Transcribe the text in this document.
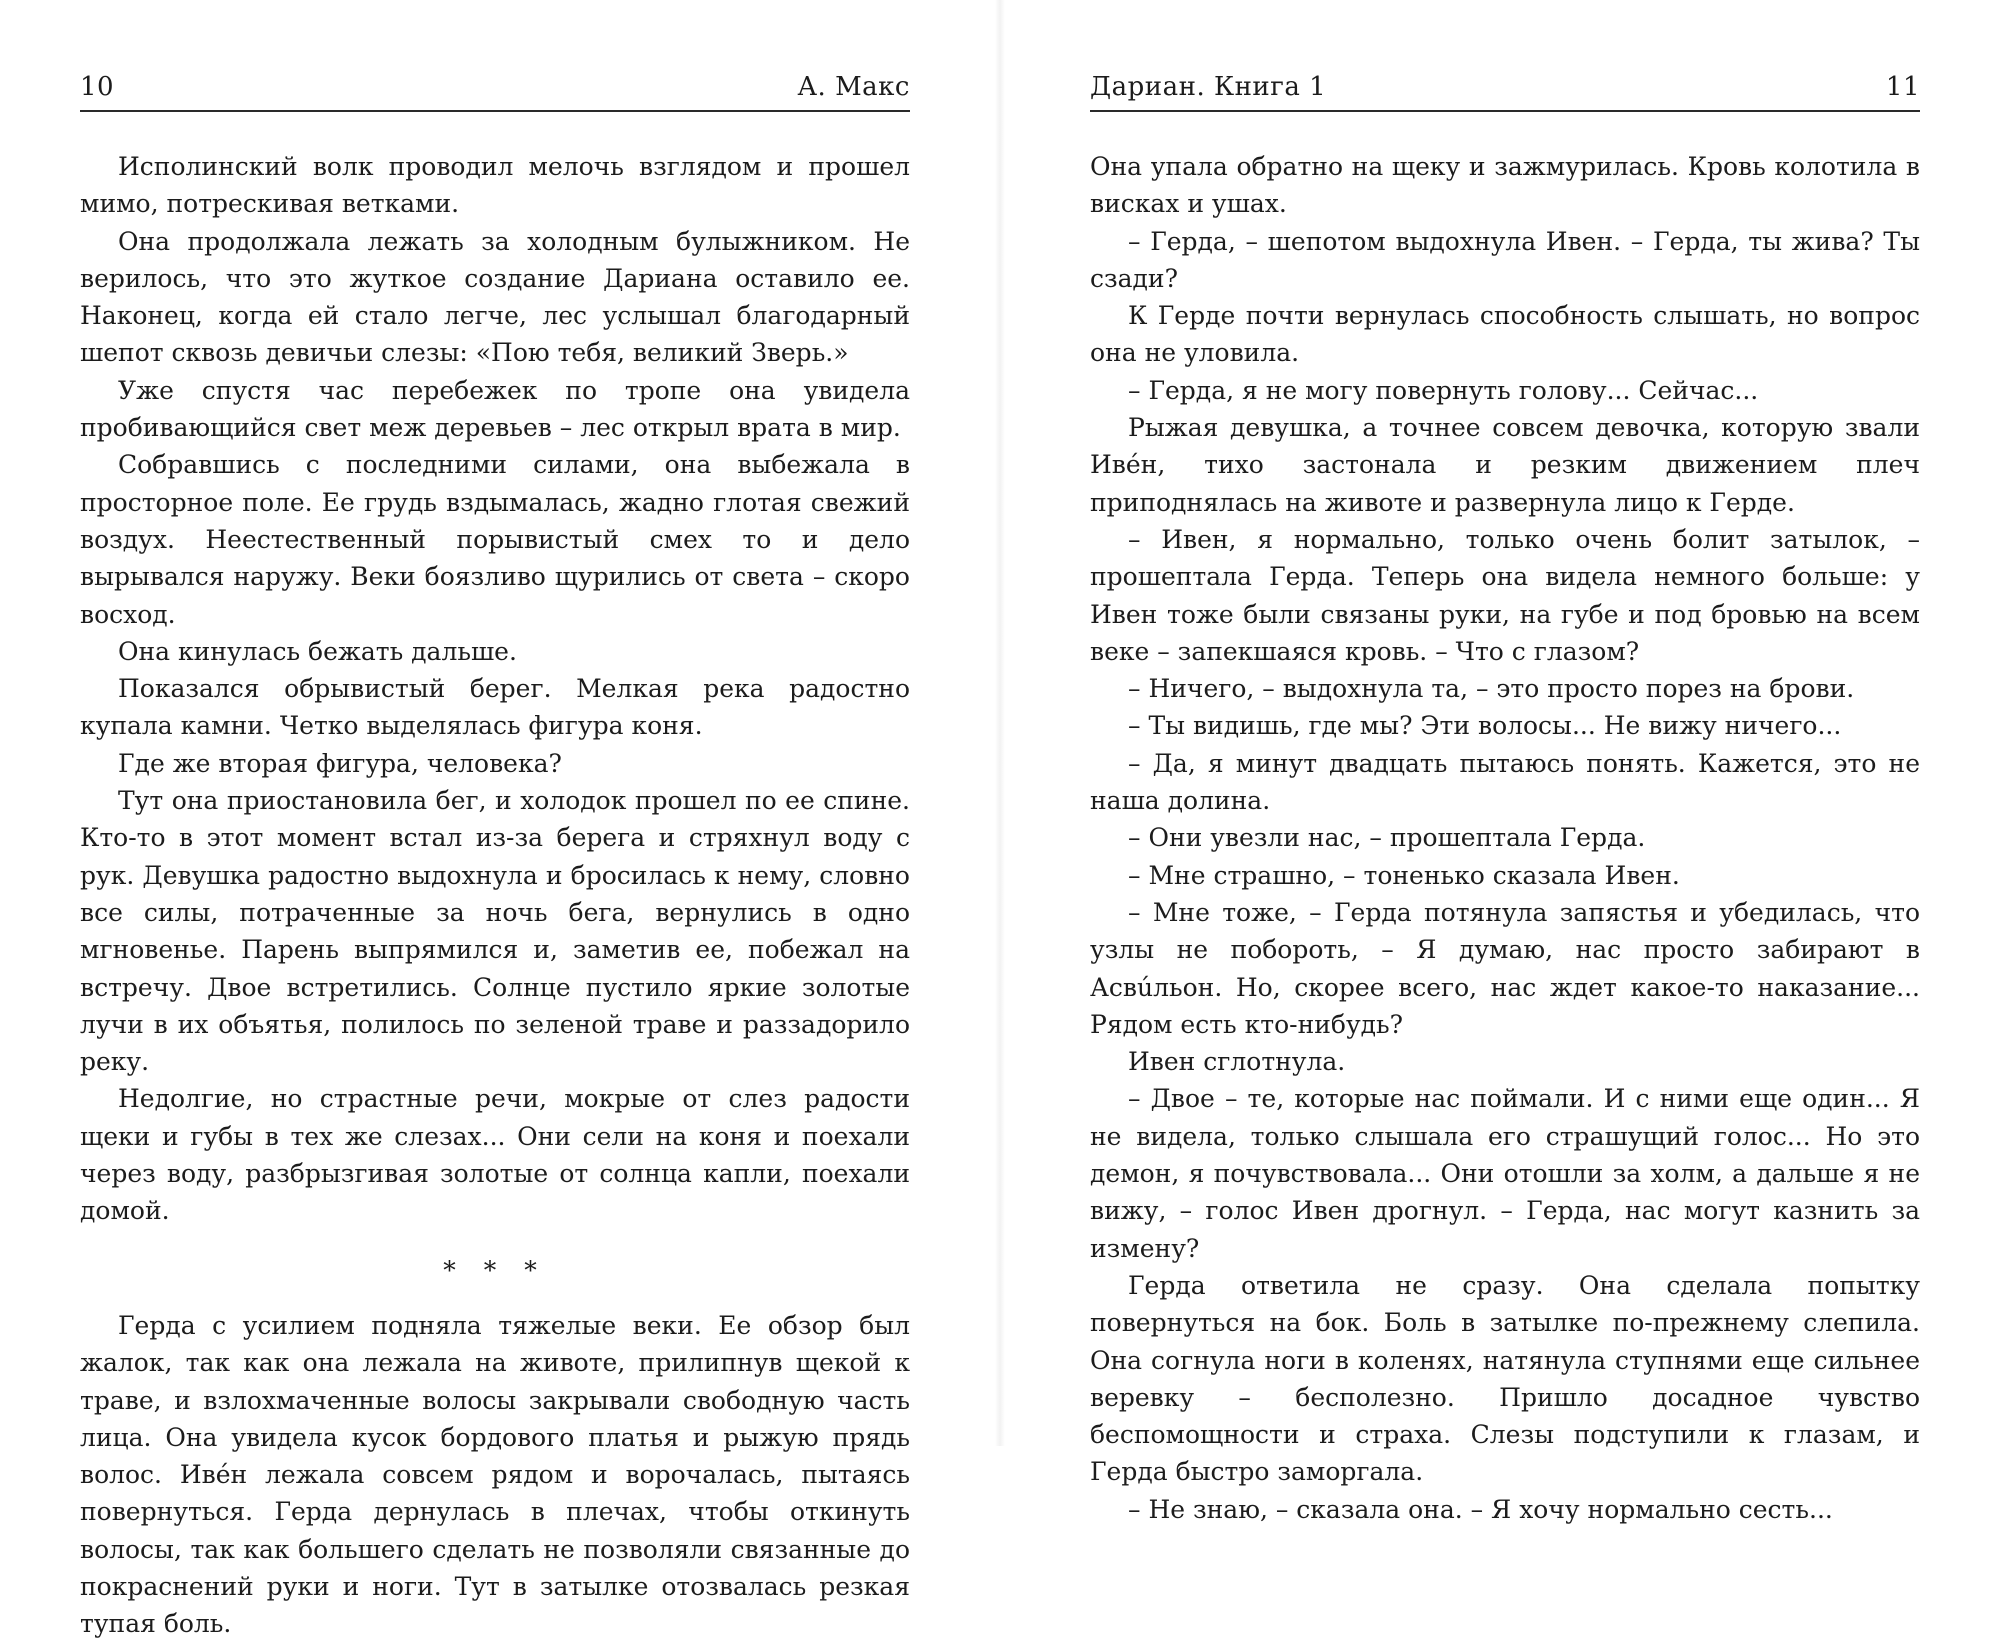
10	А. Макс

Исполинский волк проводил мелочь взглядом и прошел мимо, потрескивая ветками.

Она продолжала лежать за холодным булыжником. Не верилось, что это жуткое создание Дариана оставило ее. Наконец, когда ей стало легче, лес услышал благодарный шепот сквозь девичьи слезы: «Пою тебя, великий Зверь.»

Уже спустя час перебежек по тропе она увидела пробивающийся свет меж деревьев – лес открыл врата в мир.

Собравшись с последними силами, она выбежала в просторное поле. Ее грудь вздымалась, жадно глотая свежий воздух. Неестественный порывистый смех то и дело вырывался наружу. Веки боязливо щурились от света – скоро восход.

Она кинулась бежать дальше.

Показался обрывистый берег. Мелкая река радостно купала камни. Четко выделялась фигура коня.

Где же вторая фигура, человека?

Тут она приостановила бег, и холодок прошел по ее спине. Кто-то в этот момент встал из-за берега и стряхнул воду с рук. Девушка радостно выдохнула и бросилась к нему, словно все силы, потраченные за ночь бега, вернулись в одно мгновенье. Парень выпрямился и, заметив ее, побежал на встречу. Двое встретились. Солнце пустило яркие золотые лучи в их объятья, полилось по зеленой траве и раззадорило реку.

Недолгие, но страстные речи, мокрые от слез радости щеки и губы в тех же слезах... Они сели на коня и поехали через воду, разбрызгивая золотые от солнца капли, поехали домой.

* * *

Герда с усилием подняла тяжелые веки. Ее обзор был жалок, так как она лежала на животе, прилипнув щекой к траве, и взлохмаченные волосы закрывали свободную часть лица. Она увидела кусок бордового платья и рыжую прядь волос. Ивéн лежала совсем рядом и ворочалась, пытаясь повернуться. Герда дернулась в плечах, чтобы откинуть волосы, так как большего сделать не позволяли связанные до покраснений руки и ноги. Тут в затылке отозвалась резкая тупая боль.

Дариан. Книга 1	11

Она упала обратно на щеку и зажмурилась. Кровь колотила в висках и ушах.

– Герда, – шепотом выдохнула Ивен. – Герда, ты жива? Ты сзади?

К Герде почти вернулась способность слышать, но вопрос она не уловила.

– Герда, я не могу повернуть голову... Сейчас...

Рыжая девушка, а точнее совсем девочка, которую звали Ивéн, тихо застонала и резким движением плеч приподнялась на животе и развернула лицо к Герде.

– Ивен, я нормально, только очень болит затылок, – прошептала Герда. Теперь она видела немного больше: у Ивен тоже были связаны руки, на губе и под бровью на всем веке – запекшаяся кровь. – Что с глазом?

– Ничего, – выдохнула та, – это просто порез на брови.

– Ты видишь, где мы? Эти волосы... Не вижу ничего...

– Да, я минут двадцать пытаюсь понять. Кажется, это не наша долина.

– Они увезли нас, – прошептала Герда.

– Мне страшно, – тоненько сказала Ивен.

– Мне тоже, – Герда потянула запястья и убедилась, что узлы не побороть, – Я думаю, нас просто забирают в Асвúльон. Но, скорее всего, нас ждет какое-то наказание... Рядом есть кто-нибудь?

Ивен сглотнула.

– Двое – те, которые нас поймали. И с ними еще один... Я не видела, только слышала его страшущий голос... Но это демон, я почувствовала... Они отошли за холм, а дальше я не вижу, – голос Ивен дрогнул. – Герда, нас могут казнить за измену?

Герда ответила не сразу. Она сделала попытку повернуться на бок. Боль в затылке по-прежнему слепила. Она согнула ноги в коленях, натянула ступнями еще сильнее веревку – бесполезно. Пришло досадное чувство беспомощности и страха. Слезы подступили к глазам, и Герда быстро заморгала.

– Не знаю, – сказала она. – Я хочу нормально сесть...
